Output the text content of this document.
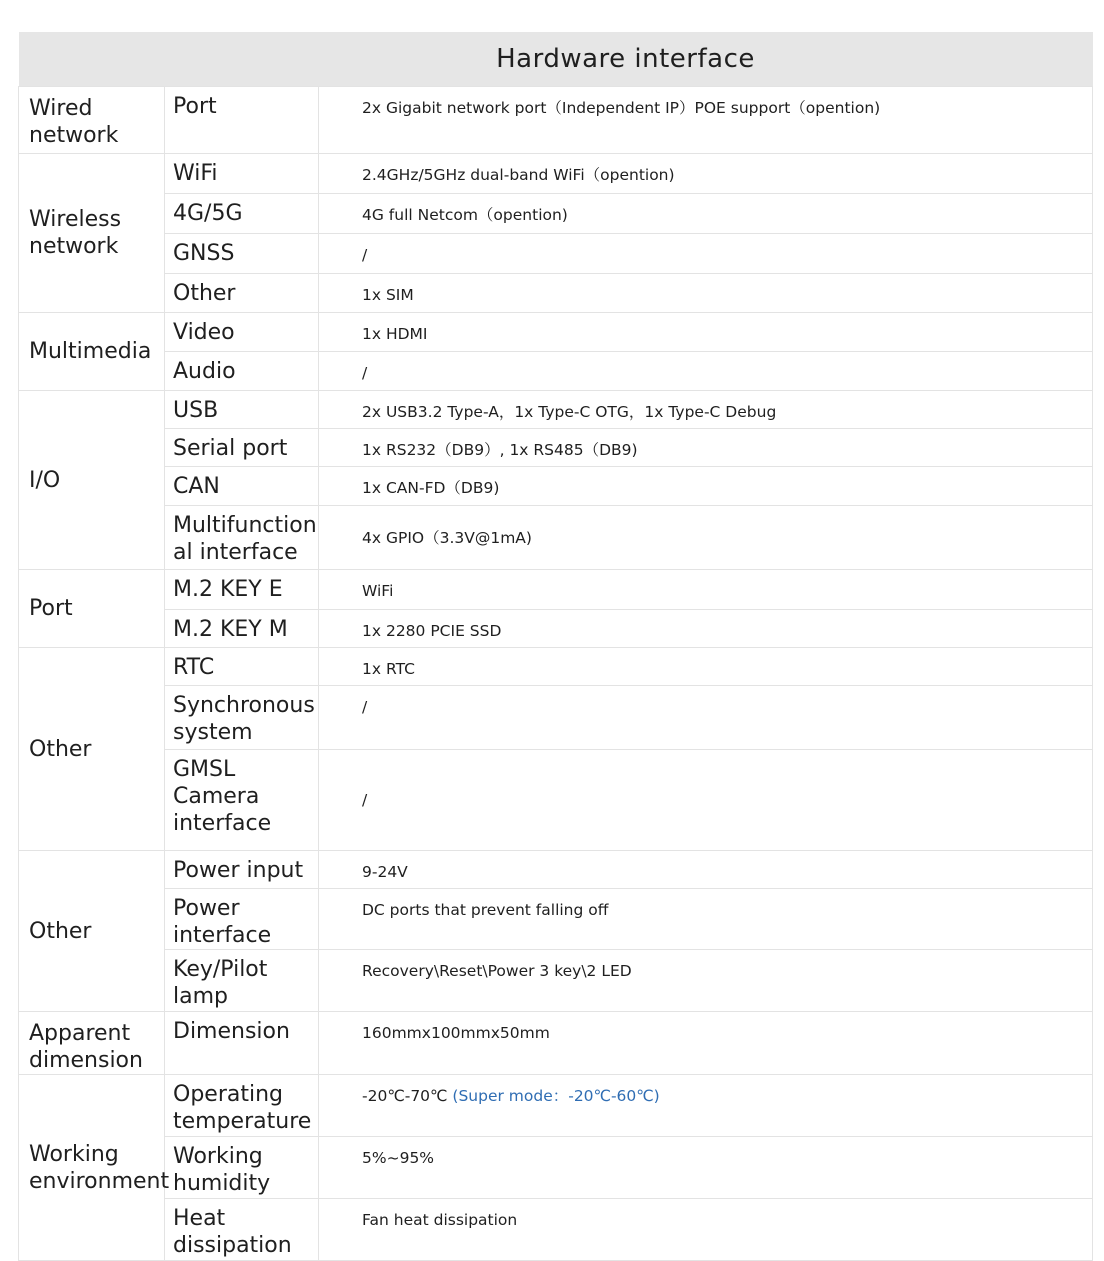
Hardware interface		
Wired network	Port	2x Gigabit network port（Independent IP）POE support（opention)
Wireless network	WiFi	2.4GHz/5GHz dual-band WiFi（opention)
	4G/5G	4G full Netcom（opention)
	GNSS	/
	Other	1x SIM
Multimedia	Video	1x HDMI
	Audio	/
I/O	USB	2x USB3.2 Type-A，1x Type-C OTG，1x Type-C Debug
	Serial port	1x RS232（DB9）, 1x RS485（DB9)
	CAN	1x CAN-FD（DB9)
	Multifunction al interface	4x GPIO（3.3V@1mA)
Port	M.2 KEY E	WiFi
	M.2 KEY M	1x 2280 PCIE SSD
Other	RTC	1x RTC
	Synchronous system	/
	GMSL Camera interface	/
Other	Power input	9-24V
	Power interface	DC ports that prevent falling off
	Key/Pilot lamp	Recovery\Reset\Power 3 key\2 LED
Apparent dimension	Dimension	160mmx100mmx50mm
Working environment	Operating temperature	-20℃-70℃ (Super mode：-20℃-60℃)
	Working humidity	5%~95%
	Heat dissipation	Fan heat dissipation
